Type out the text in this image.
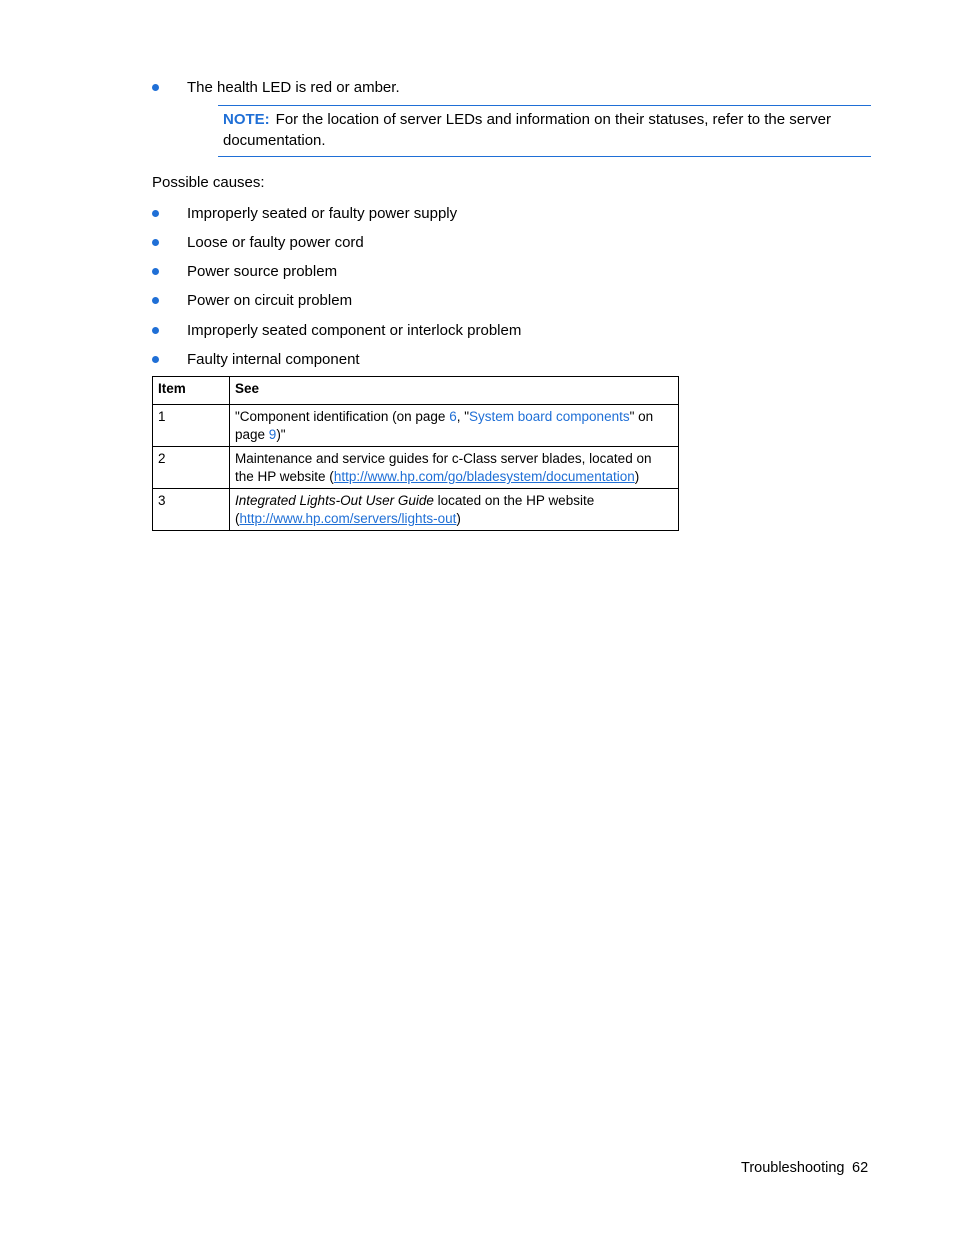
The health LED is red or amber.
NOTE: For the location of server LEDs and information on their statuses, refer to the server documentation.
Possible causes:
Improperly seated or faulty power supply
Loose or faulty power cord
Power source problem
Power on circuit problem
Improperly seated component or interlock problem
Faulty internal component
Item	See
1	"Component identification (on page 6, "System board components" on page 9)"
2	Maintenance and service guides for c-Class server blades, located on the HP website (http://www.hp.com/go/bladesystem/documentation)
3	Integrated Lights-Out User Guide located on the HP website (http://www.hp.com/servers/lights-out)
Troubleshooting 62
